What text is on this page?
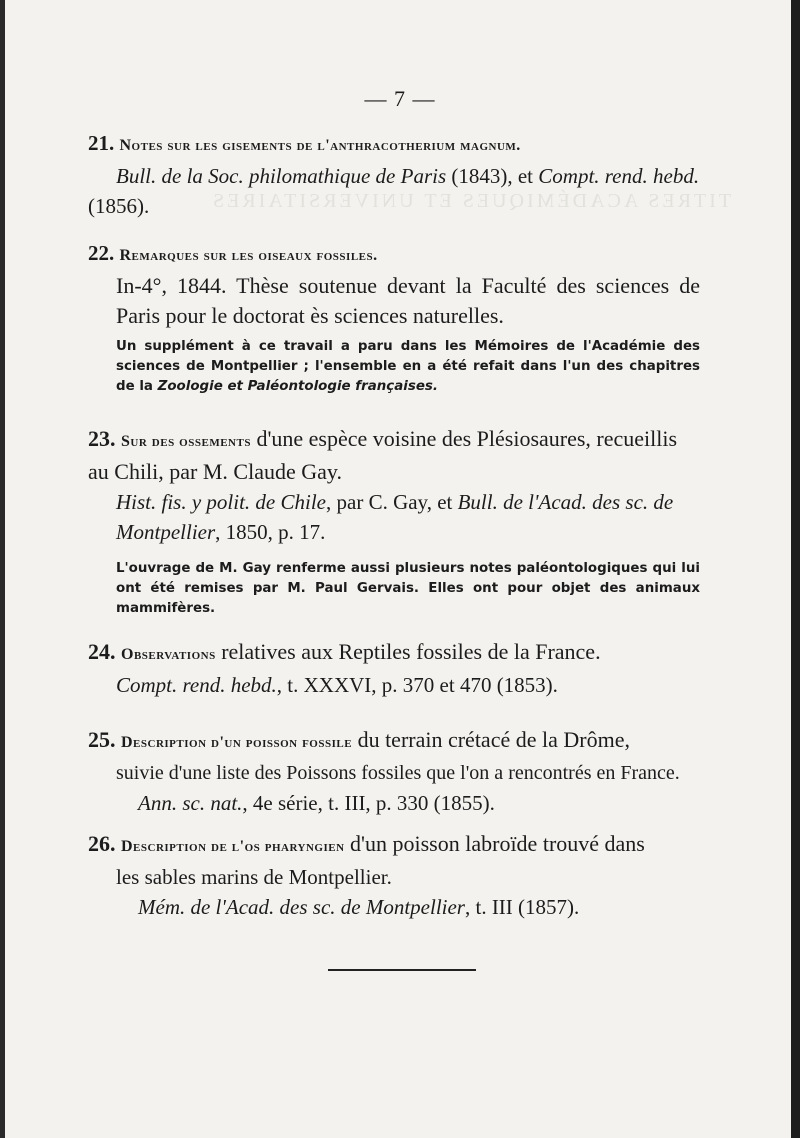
TITRES ACADÉMIQUES ET UNIVERSITAIRES
— 7 —
21. Notes sur les gisements de l'anthracotherium magnum.
Bull. de la Soc. philomathique de Paris (1843), et Compt. rend. hebd.
(1856).
22. Remarques sur les oiseaux fossiles.
In-4°, 1844. Thèse soutenue devant la Faculté des sciences de Paris pour le doctorat ès sciences naturelles.
Un supplément à ce travail a paru dans les Mémoires de l'Académie des sciences de Montpellier ; l'ensemble en a été refait dans l'un des chapitres de la Zoologie et Paléontologie françaises.
23. Sur des ossements d'une espèce voisine des Plésiosaures, recueillis au Chili, par M. Claude Gay.
Hist. fis. y polit. de Chile, par C. Gay, et Bull. de l'Acad. des sc. de Montpellier, 1850, p. 17.
L'ouvrage de M. Gay renferme aussi plusieurs notes paléontologiques qui lui ont été remises par M. Paul Gervais. Elles ont pour objet des animaux mammifères.
24. Observations relatives aux Reptiles fossiles de la France.
Compt. rend. hebd., t. XXXVI, p. 370 et 470 (1853).
25. Description d'un poisson fossile du terrain crétacé de la Drôme,
suivie d'une liste des Poissons fossiles que l'on a rencontrés en France.
Ann. sc. nat., 4e série, t. III, p. 330 (1855).
26. Description de l'os pharyngien d'un poisson labroïde trouvé dans
les sables marins de Montpellier.
Mém. de l'Acad. des sc. de Montpellier, t. III (1857).
